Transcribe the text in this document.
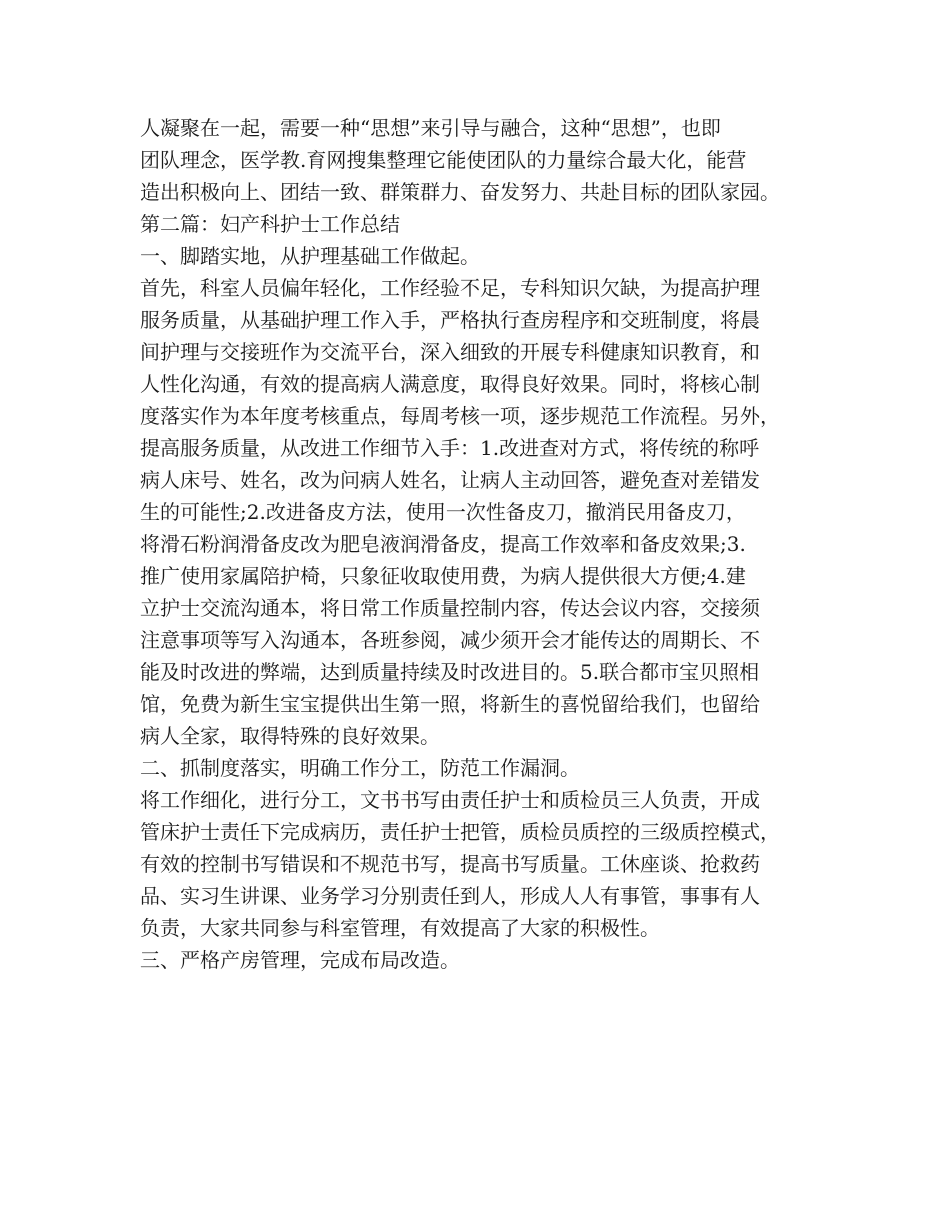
人凝聚在一起，需要一种“思想”来引导与融合，这种“思想”，也即
团队理念，医学教.育网搜集整理它能使团队的力量综合最大化，能营
造出积极向上、团结一致、群策群力、奋发努力、共赴目标的团队家园。
第二篇：妇产科护士工作总结
一、脚踏实地，从护理基础工作做起。
首先，科室人员偏年轻化，工作经验不足，专科知识欠缺，为提高护理
服务质量，从基础护理工作入手，严格执行查房程序和交班制度，将晨
间护理与交接班作为交流平台，深入细致的开展专科健康知识教育，和
人性化沟通，有效的提高病人满意度，取得良好效果。同时，将核心制
度落实作为本年度考核重点，每周考核一项，逐步规范工作流程。另外，
提高服务质量，从改进工作细节入手：1.改进查对方式，将传统的称呼
病人床号、姓名，改为问病人姓名，让病人主动回答，避免查对差错发
生的可能性;2.改进备皮方法，使用一次性备皮刀，撤消民用备皮刀，
将滑石粉润滑备皮改为肥皂液润滑备皮，提高工作效率和备皮效果;3.
推广使用家属陪护椅，只象征收取使用费，为病人提供很大方便;4.建
立护士交流沟通本，将日常工作质量控制内容，传达会议内容，交接须
注意事项等写入沟通本，各班参阅，减少须开会才能传达的周期长、不
能及时改进的弊端，达到质量持续及时改进目的。5.联合都市宝贝照相
馆，免费为新生宝宝提供出生第一照，将新生的喜悦留给我们，也留给
病人全家，取得特殊的良好效果。
二、抓制度落实，明确工作分工，防范工作漏洞。
将工作细化，进行分工，文书书写由责任护士和质检员三人负责，开成
管床护士责任下完成病历，责任护士把管，质检员质控的三级质控模式，
有效的控制书写错误和不规范书写，提高书写质量。工休座谈、抢救药
品、实习生讲课、业务学习分别责任到人，形成人人有事管，事事有人
负责，大家共同参与科室管理，有效提高了大家的积极性。
三、严格产房管理，完成布局改造。
